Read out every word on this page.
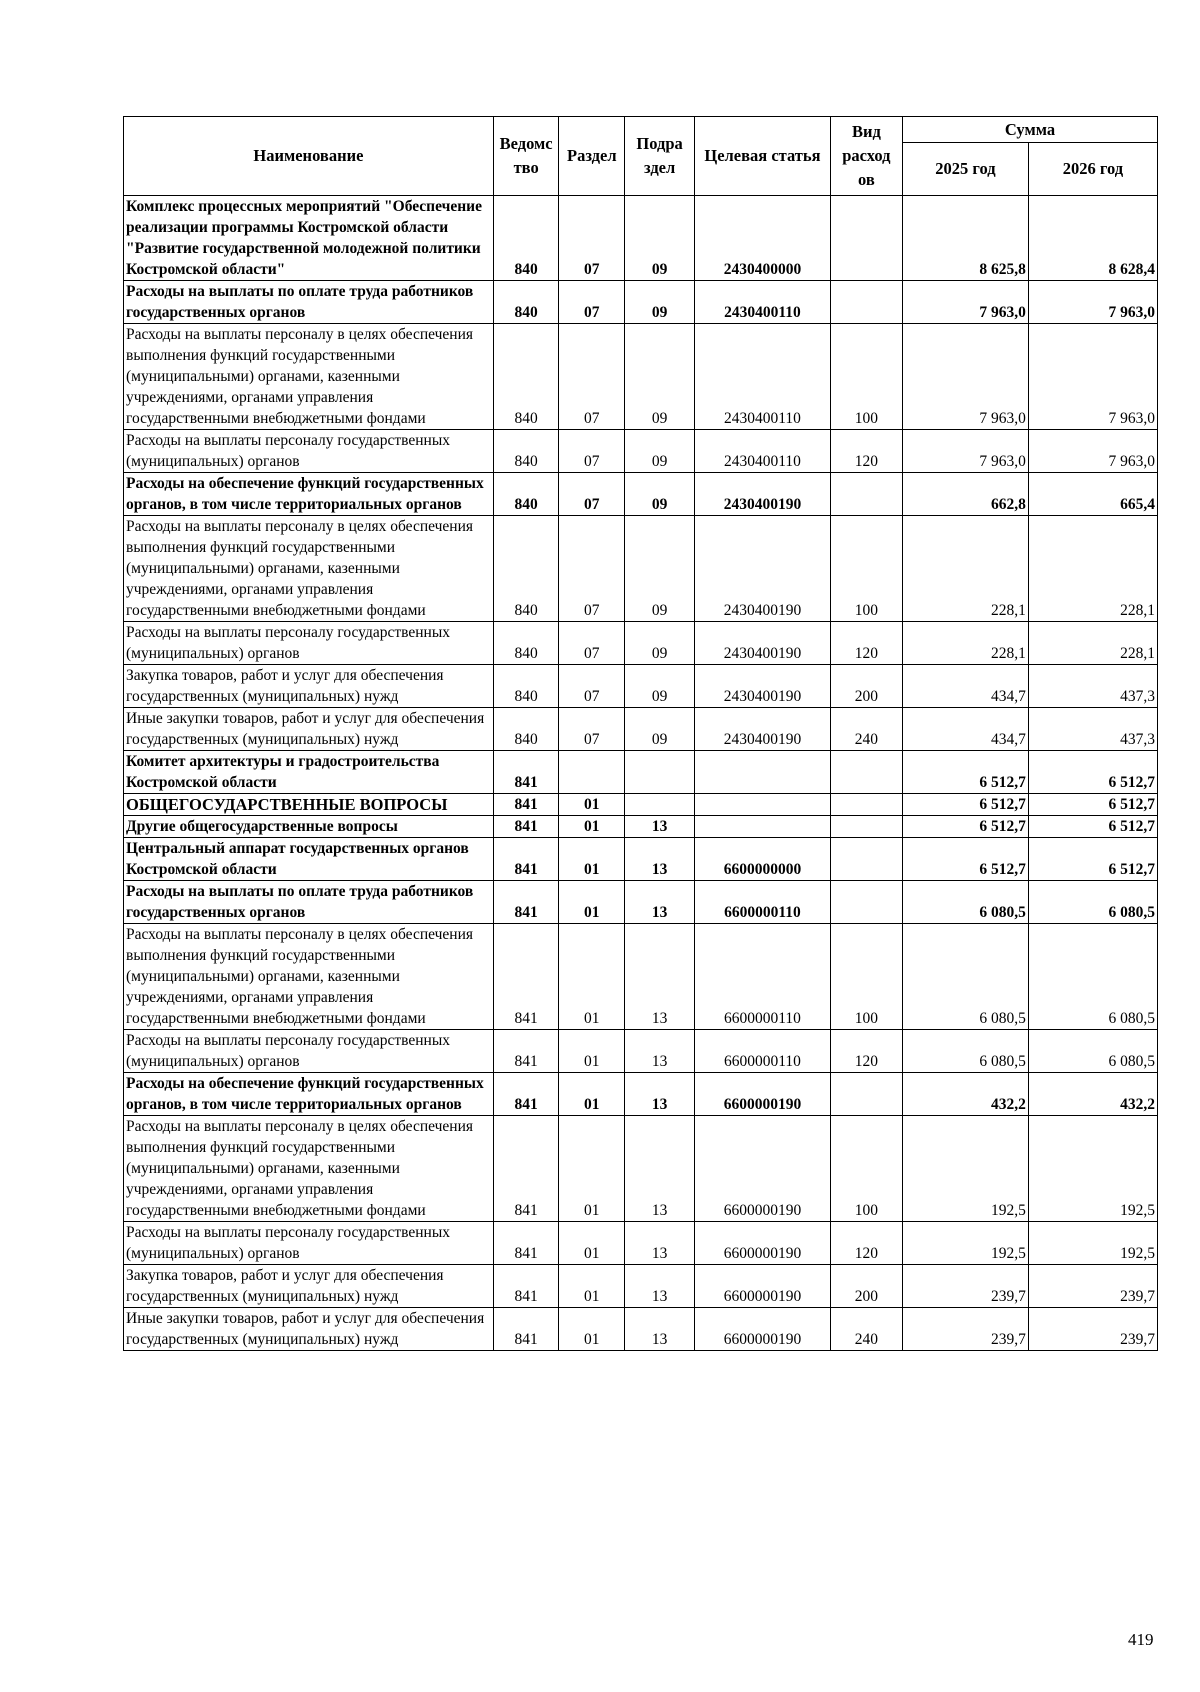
Наименование	Ведомс тво	Раздел	Подра здел	Целевая статья	Вид расход ов	Сумма	
						2025 год	2026 год
Комплекс процессных мероприятий "Обеспечение реализации программы Костромской области "Развитие государственной молодежной политики Костромской области"	840	07	09	2430400000		8 625,8	8 628,4
Расходы на выплаты по оплате труда работников государственных органов	840	07	09	2430400110		7 963,0	7 963,0
Расходы на выплаты персоналу в целях обеспечения выполнения функций государственными (муниципальными) органами, казенными учреждениями, органами управления государственными внебюджетными фондами	840	07	09	2430400110	100	7 963,0	7 963,0
Расходы на выплаты персоналу государственных (муниципальных) органов	840	07	09	2430400110	120	7 963,0	7 963,0
Расходы на обеспечение функций государственных органов, в том числе территориальных органов	840	07	09	2430400190		662,8	665,4
Расходы на выплаты персоналу в целях обеспечения выполнения функций государственными (муниципальными) органами, казенными учреждениями, органами управления государственными внебюджетными фондами	840	07	09	2430400190	100	228,1	228,1
Расходы на выплаты персоналу государственных (муниципальных) органов	840	07	09	2430400190	120	228,1	228,1
Закупка товаров, работ и услуг для обеспечения государственных (муниципальных) нужд	840	07	09	2430400190	200	434,7	437,3
Иные закупки товаров, работ и услуг для обеспечения государственных (муниципальных) нужд	840	07	09	2430400190	240	434,7	437,3
Комитет архитектуры и градостроительства Костромской области	841					6 512,7	6 512,7
ОБЩЕГОСУДАРСТВЕННЫЕ ВОПРОСЫ	841	01				6 512,7	6 512,7
Другие общегосударственные вопросы	841	01	13			6 512,7	6 512,7
Центральный аппарат государственных органов Костромской области	841	01	13	6600000000		6 512,7	6 512,7
Расходы на выплаты по оплате труда работников государственных органов	841	01	13	6600000110		6 080,5	6 080,5
Расходы на выплаты персоналу в целях обеспечения выполнения функций государственными (муниципальными) органами, казенными учреждениями, органами управления государственными внебюджетными фондами	841	01	13	6600000110	100	6 080,5	6 080,5
Расходы на выплаты персоналу государственных (муниципальных) органов	841	01	13	6600000110	120	6 080,5	6 080,5
Расходы на обеспечение функций государственных органов, в том числе территориальных органов	841	01	13	6600000190		432,2	432,2
Расходы на выплаты персоналу в целях обеспечения выполнения функций государственными (муниципальными) органами, казенными учреждениями, органами управления государственными внебюджетными фондами	841	01	13	6600000190	100	192,5	192,5
Расходы на выплаты персоналу государственных (муниципальных) органов	841	01	13	6600000190	120	192,5	192,5
Закупка товаров, работ и услуг для обеспечения государственных (муниципальных) нужд	841	01	13	6600000190	200	239,7	239,7
Иные закупки товаров, работ и услуг для обеспечения государственных (муниципальных) нужд	841	01	13	6600000190	240	239,7	239,7
419
